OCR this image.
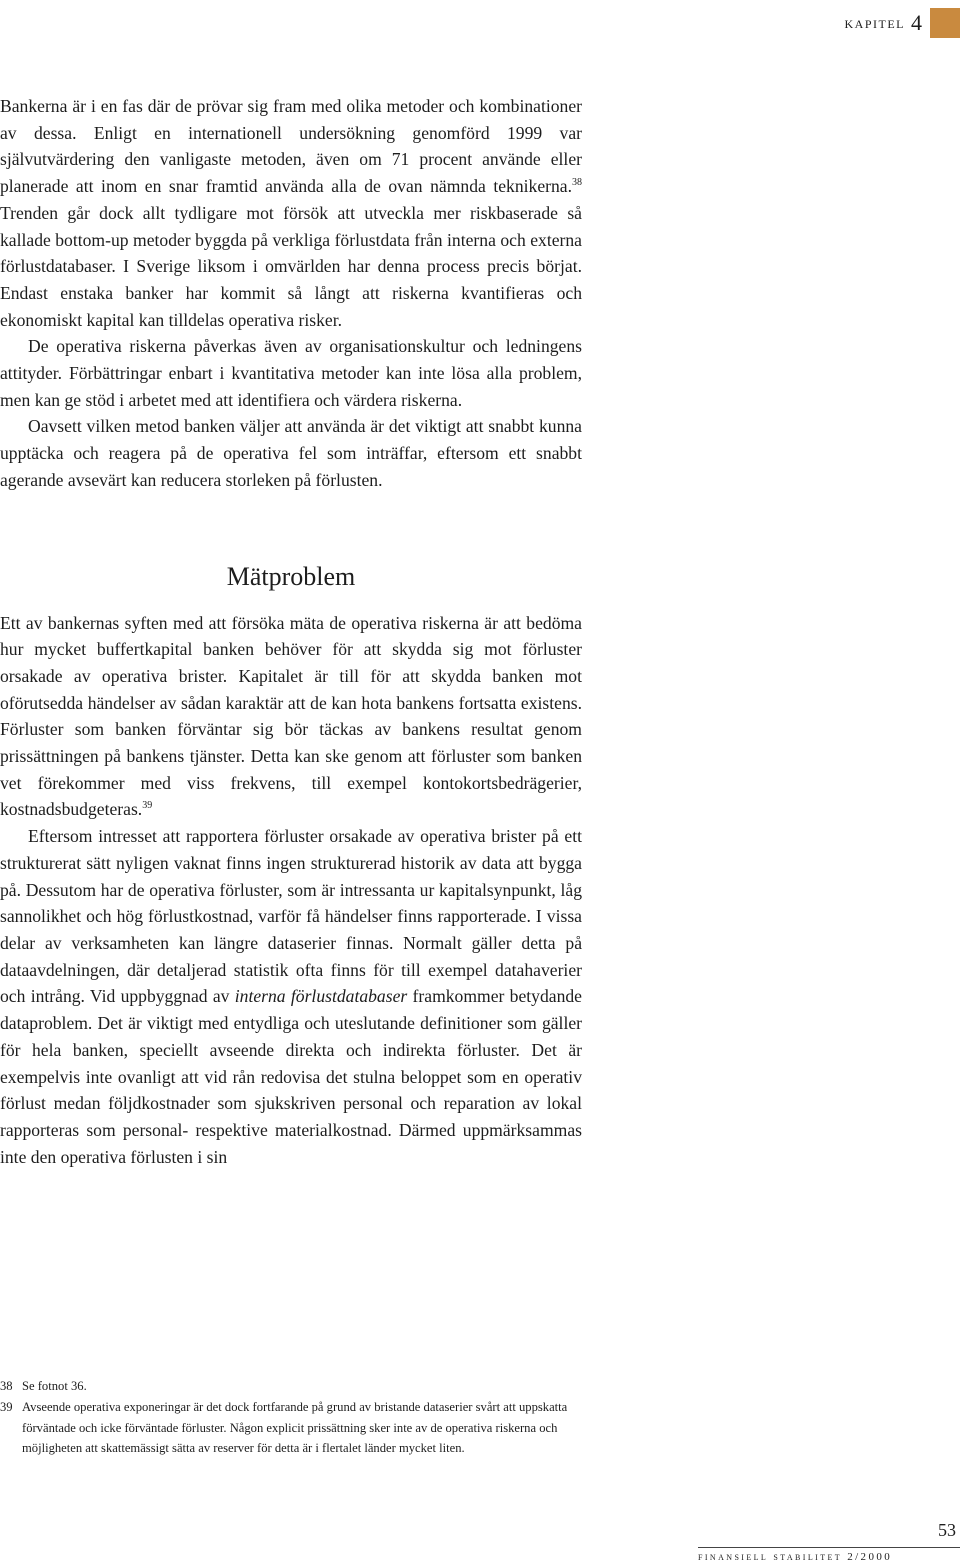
kapitel 4

Bankerna är i en fas där de prövar sig fram med olika metoder och kombinationer av dessa. Enligt en internationell undersökning genomförd 1999 var självutvärdering den vanligaste metoden, även om 71 procent använde eller planerade att inom en snar framtid använda alla de ovan nämnda teknikerna.$^{38}$ Trenden går dock allt tydligare mot försök att utveckla mer riskbaserade så kallade bottom-up metoder byggda på verkliga förlustdata från interna och externa förlustdatabaser. I Sverige liksom i omvärlden har denna process precis börjat. Endast enstaka banker har kommit så långt att riskerna kvantifieras och ekonomiskt kapital kan tilldelas operativa risker.

De operativa riskerna påverkas även av organisationskultur och ledningens attityder. Förbättringar enbart i kvantitativa metoder kan inte lösa alla problem, men kan ge stöd i arbetet med att identifiera och värdera riskerna.

Oavsett vilken metod banken väljer att använda är det viktigt att snabbt kunna upptäcka och reagera på de operativa fel som inträffar, eftersom ett snabbt agerande avsevärt kan reducera storleken på förlusten.

Mätproblem

Ett av bankernas syften med att försöka mäta de operativa riskerna är att bedöma hur mycket buffertkapital banken behöver för att skydda sig mot förluster orsakade av operativa brister. Kapitalet är till för att skydda banken mot oförutsedda händelser av sådan karaktär att de kan hota bankens fortsatta existens. Förluster som banken förväntar sig bör täckas av bankens resultat genom prissättningen på bankens tjänster. Detta kan ske genom att förluster som banken vet förekommer med viss frekvens, till exempel kontokortsbedrägerier, kostnadsbudgeteras.$^{39}$

Eftersom intresset att rapportera förluster orsakade av operativa brister på ett strukturerat sätt nyligen vaknat finns ingen strukturerad historik av data att bygga på. Dessutom har de operativa förluster, som är intressanta ur kapitalsynpunkt, låg sannolikhet och hög förlustkostnad, varför få händelser finns rapporterade. I vissa delar av verksamheten kan längre dataserier finnas. Normalt gäller detta på dataavdelningen, där detaljerad statistik ofta finns för till exempel datahaverier och intrång. Vid uppbyggnad av interna förlustdatabaser framkommer betydande dataproblem. Det är viktigt med entydliga och uteslutande definitioner som gäller för hela banken, speciellt avseende direkta och indirekta förluster. Det är exempelvis inte ovanligt att vid rån redovisa det stulna beloppet som en operativ förlust medan följdkostnader som sjukskriven personal och reparation av lokal rapporteras som personal- respektive materialkostnad. Därmed uppmärksammas inte den operativa förlusten i sin

38 Se fotnot 36.
39 Avseende operativa exponeringar är det dock fortfarande på grund av bristande dataserier svårt att uppskatta förväntade och icke förväntade förluster. Någon explicit prissättning sker inte av de operativa riskerna och möjligheten att skattemässigt sätta av reserver för detta är i flertalet länder mycket liten.
53
finansiell stabilitet 2/2000
